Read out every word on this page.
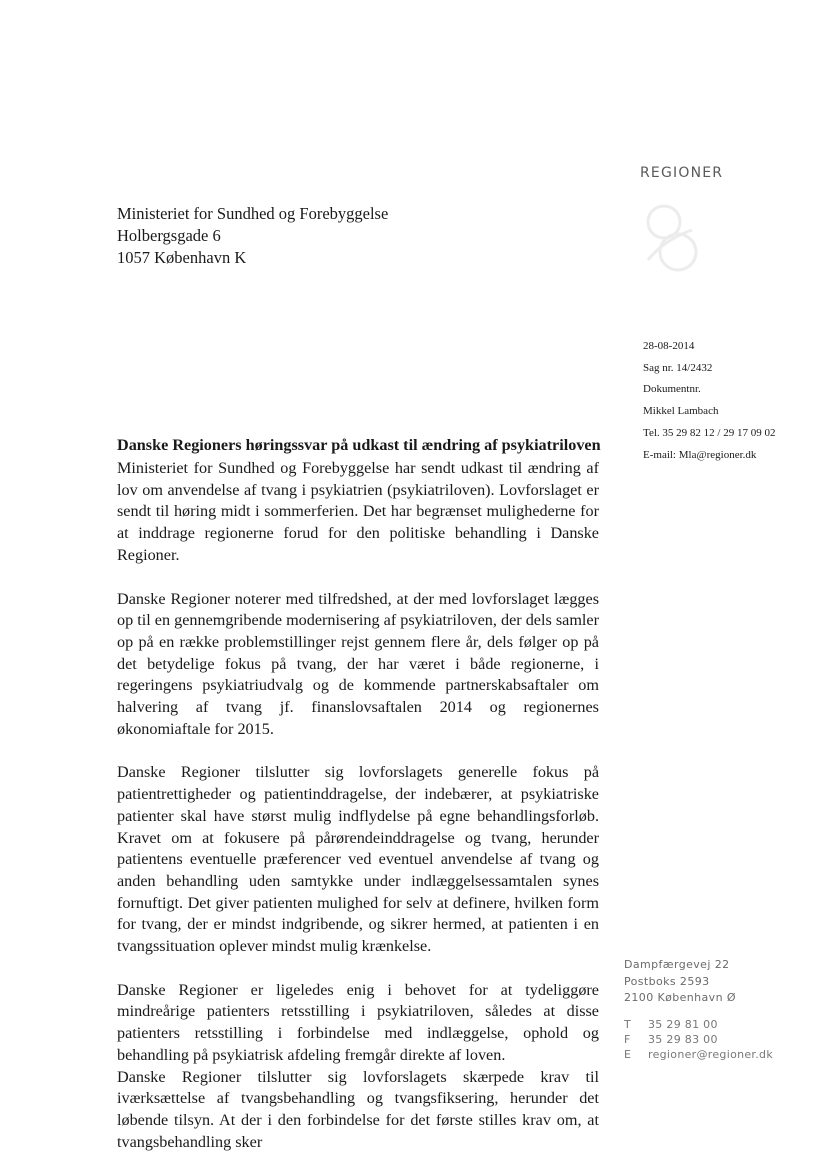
REGIONER
Ministeriet for Sundhed og Forebyggelse
Holbergsgade 6
1057 København K
28-08-2014
Sag nr. 14/2432
Dokumentnr.
Mikkel Lambach
Tel. 35 29 82 12 / 29 17 09 02
E-mail: Mla@regioner.dk
Danske Regioners høringssvar på udkast til ændring af psykiatriloven

Ministeriet for Sundhed og Forebyggelse har sendt udkast til ændring af lov om anvendelse af tvang i psykiatrien (psykiatriloven). Lovforslaget er sendt til høring midt i sommerferien. Det har begrænset mulighederne for at inddrage regionerne forud for den politiske behandling i Danske Regioner.

Danske Regioner noterer med tilfredshed, at der med lovforslaget lægges op til en gennemgribende modernisering af psykiatriloven, der dels samler op på en række problemstillinger rejst gennem flere år, dels følger op på det betydelige fokus på tvang, der har været i både regionerne, i regeringens psykiatriudvalg og de kommende partnerskabsaftaler om halvering af tvang jf. finanslovsaftalen 2014 og regionernes økonomiaftale for 2015.

Danske Regioner tilslutter sig lovforslagets generelle fokus på patientrettigheder og patientinddragelse, der indebærer, at psykiatriske patienter skal have størst mulig indflydelse på egne behandlingsforløb. Kravet om at fokusere på pårørendeinddragelse og tvang, herunder patientens eventuelle præferencer ved eventuel anvendelse af tvang og anden behandling uden samtykke under indlæggelsessamtalen synes fornuftigt. Det giver patienten mulighed for selv at definere, hvilken form for tvang, der er mindst indgribende, og sikrer hermed, at patienten i en tvangssituation oplever mindst mulig krænkelse.

Danske Regioner er ligeledes enig i behovet for at tydeliggøre mindreårige patienters retsstilling i psykiatriloven, således at disse patienters retsstilling i forbindelse med indlæggelse, ophold og behandling på psykiatrisk afdeling fremgår direkte af loven.

Danske Regioner tilslutter sig lovforslagets skærpede krav til iværksættelse af tvangsbehandling og tvangsfiksering, herunder det løbende tilsyn. At der i den forbindelse for det første stilles krav om, at tvangsbehandling sker

Dampfærgevej 22
Postboks 2593
2100 København Ø
T 35 29 81 00
F 35 29 83 00
E regioner@regioner.dk
